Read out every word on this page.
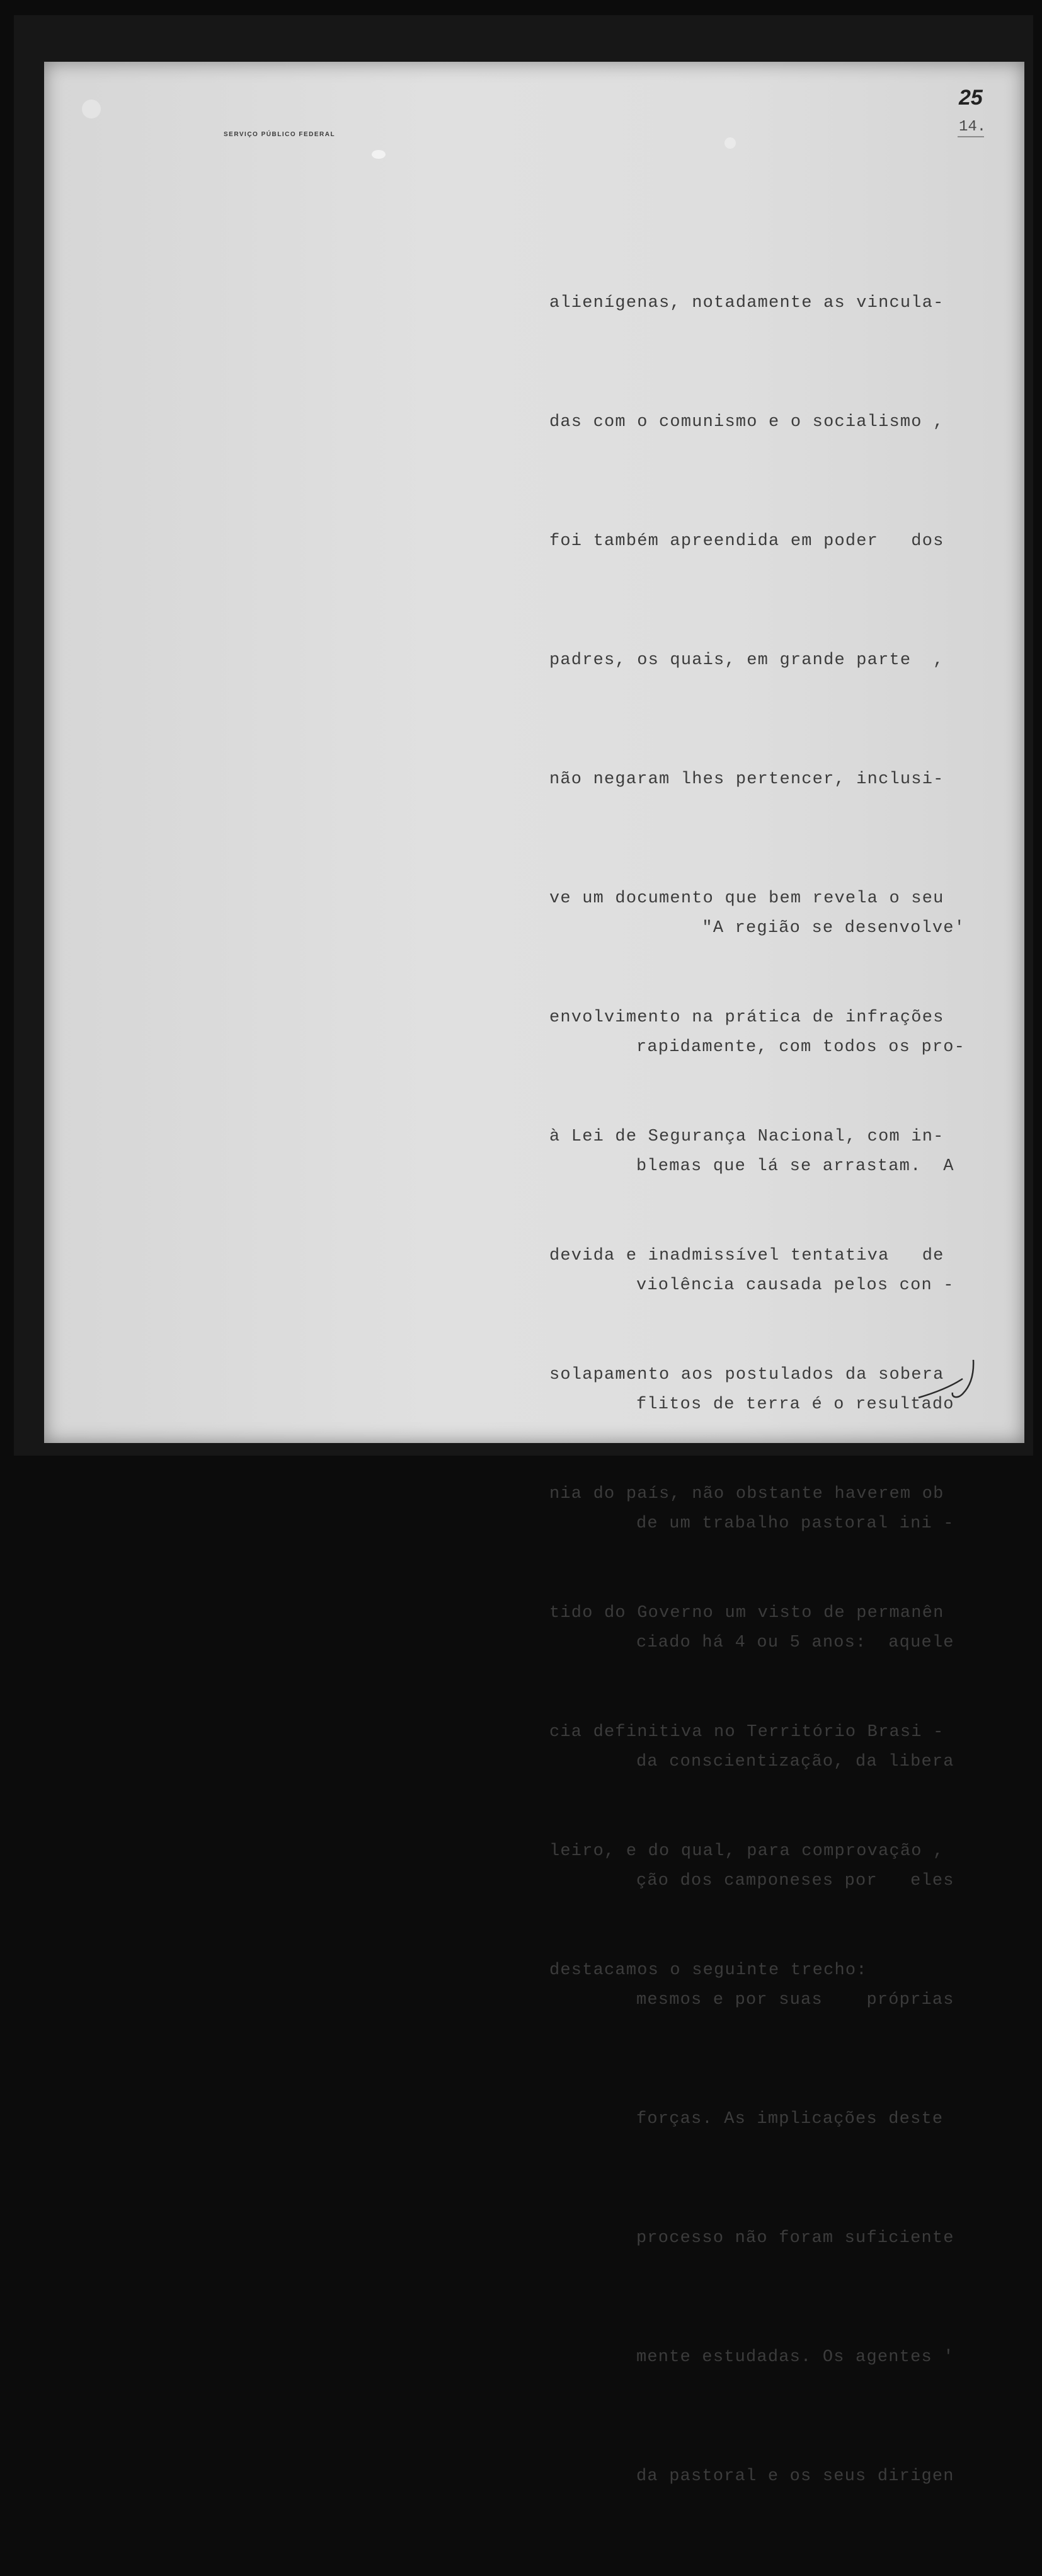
SERVIÇO PÚBLICO FEDERAL
25
14.

alienígenas, notadamente as vincula-

das com o comunismo e o socialismo ,

foi também apreendida em poder   dos

padres, os quais, em grande parte  ,

não negaram lhes pertencer, inclusi-

ve um documento que bem revela o seu

envolvimento na prática de infrações

à Lei de Segurança Nacional, com in-

devida e inadmissível tentativa   de

solapamento aos postulados da sobera

nia do país, não obstante haverem ob

tido do Governo um visto de permanên

cia definitiva no Território Brasi -

leiro, e do qual, para comprovação ,

destacamos o seguinte trecho:

"A região se desenvolve'

rapidamente, com todos os pro-

blemas que lá se arrastam.  A

violência causada pelos con -

flitos de terra é o resultado

de um trabalho pastoral ini -

ciado há 4 ou 5 anos:  aquele

da conscientização, da libera

ção dos camponeses por   eles

mesmos e por suas    próprias

forças. As implicações deste

processo não foram suficiente

mente estudadas. Os agentes '

da pastoral e os seus dirigen
